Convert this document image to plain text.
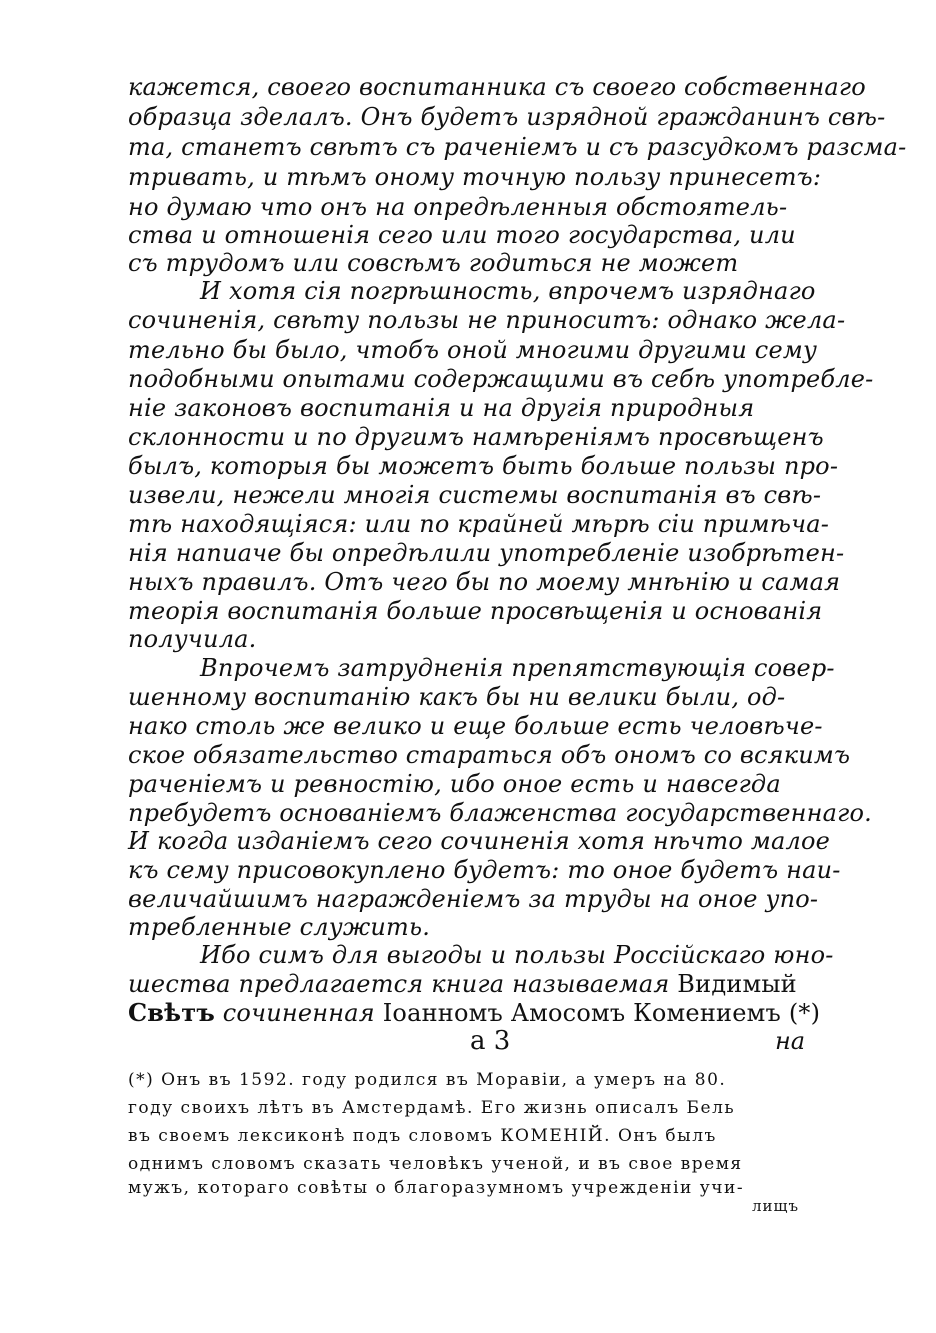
кажется, своего воспитанника съ своего собственнаго

образца зделалъ. Онъ будетъ изрядной гражданинъ свѣ-

та, станетъ свѣтъ съ раченіемъ и съ разсудкомъ разсма-

тривать, и тѣмъ оному точную пользу принесетъ:

но думаю что онъ на опредѣленныя обстоятель-

ства и отношенія сего или того государства, или

съ трудомъ или совсѣмъ годиться не может

И хотя сія погрѣшность, впрочемъ изряднаго

сочиненія, свѣту пользы не приноситъ: однако жела-

тельно бы было, чтобъ оной многими другими сему

подобными опытами содержащими въ себѣ употребле-

ніе законовъ воспитанія и на другія природныя

склонности и по другимъ намѣреніямъ просвѣщенъ

былъ, которыя бы можетъ быть больше пользы про-

извели, нежели многія системы воспитанія въ свѣ-

тѣ находящіяся: или по крайней мѣрѣ сіи примѣча-

нія напиаче бы опредѣлили употребленіе изобрѣтен-

ныхъ правилъ. Отъ чего бы по моему мнѣнію и самая

теорія воспитанія больше просвѣщенія и основанія

получила.

Впрочемъ затрудненія препятствующія совер-

шенному воспитанію какъ бы ни велики были, од-

нако столь же велико и еще больше есть человѣче-

ское обязательство стараться объ ономъ со всякимъ

раченіемъ и ревностію, ибо оное есть и навсегда

пребудетъ основаніемъ блаженства государственнаго.

И когда изданіемъ сего сочиненія хотя нѣчто малое

къ сему присовокуплено будетъ: то оное будетъ наи-

величайшимъ награжденіемъ за труды на оное упо-

требленные служить.

Ибо симъ для выгоды и пользы Россійскаго юно-

шества предлагается книга называемая Видимый

Свѣтъ сочиненная Іоанномъ Амосомъ Комениемъ (*)

а 3	на

(*) Онъ въ 1592. году родился въ Моравіи, а умеръ на 80.

году своихъ лѣтъ въ Амстердамѣ. Его жизнь описалъ Бель

въ своемъ лексиконѣ подъ словомъ КОМЕНІЙ. Онъ былъ

однимъ словомъ сказать человѣкъ ученой, и въ свое время

мужъ, котораго совѣты о благоразумномъ учрежденіи учи-

лищъ
